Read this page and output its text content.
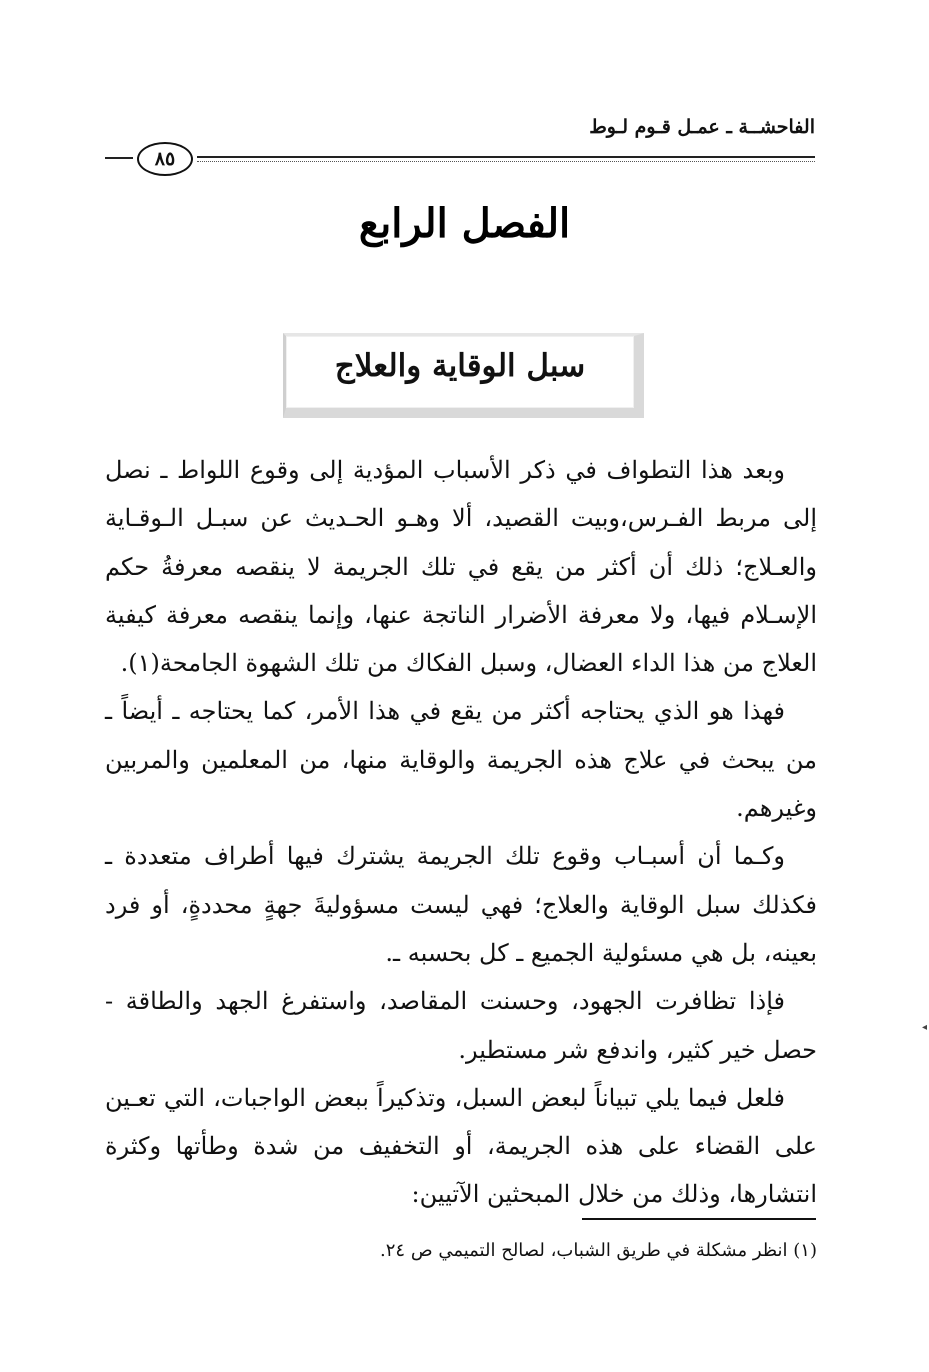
الفاحشــة ـ عمـل قـوم لـوط
٨٥
الفصل الرابع
سبل الوقاية والعلاج

وبعد هذا التطواف في ذكر الأسباب المؤدية إلى وقوع اللواط ـ نصل إلى مربط الفـرس،وبيت القصيد، ألا وهـو الحـديث عن سبـل الـوقـاية والعـلاج؛ ذلك أن أكثر من يقع في تلك الجريمة لا ينقصه معرفةُ حكم الإسـلام فيها، ولا معرفة الأضرار الناتجة عنها، وإنما ينقصه معرفة كيفية العلاج من هذا الداء العضال، وسبل الفكاك من تلك الشهوة الجامحة(١).

فهذا هو الذي يحتاجه أكثر من يقع في هذا الأمر، كما يحتاجه ـ أيضاً ـ من يبحث في علاج هذه الجريمة والوقاية منها، من المعلمين والمربين وغيرهم.

وكـما أن أسبـاب وقوع تلك الجريمة يشترك فيها أطراف متعددة ـ فكذلك سبل الوقاية والعلاج؛ فهي ليست مسؤوليةَ جهةٍ محددةٍ، أو فرد بعينه، بل هي مسئولية الجميع ـ كل بحسبه ـ.

فإذا تظافرت الجهود، وحسنت المقاصد، واستفرغ الجهد والطاقة - حصل خير كثير، واندفع شر مستطير.

فلعل فيما يلي تبياناً لبعض السبل، وتذكيراً ببعض الواجبات، التي تعـين على القضاء على هذه الجريمة، أو التخفيف من شدة وطأتها وكثرة انتشارها، وذلك من خلال المبحثين الآتيين:

(١) انظر مشكلة في طريق الشباب، لصالح التميمي ص ٢٤.
◂
